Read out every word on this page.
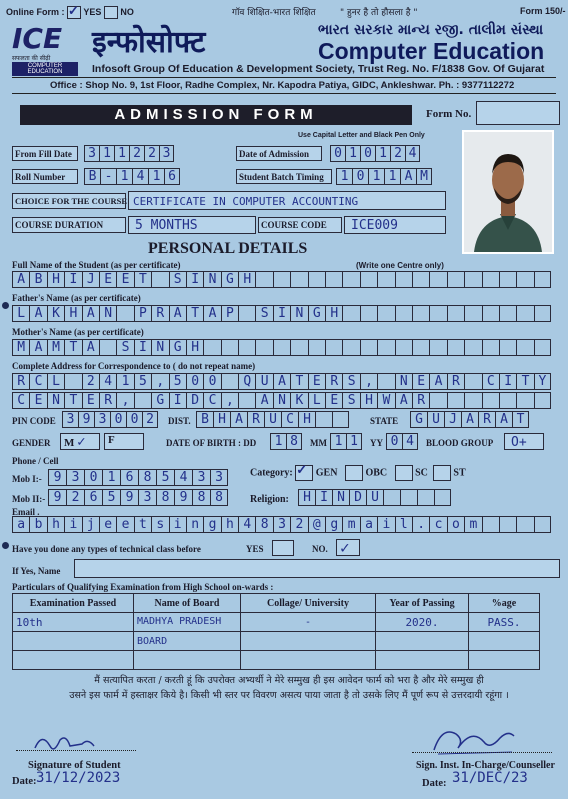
Online Form : ✓ YES NO	गॉव शिक्षित-भारत शिक्षित	" हुनर है तो हौसला है "	Form 150/-
ICE
सफलता की सीढ़ी
COMPUTER EDUCATION
इन्फोसोफ्ट	ભારત સરકાર માન્ય રજી. તાલીમ સંસ્થા
Computer Education
Infosoft Group Of Education & Development Society, Trust Reg. No. F/1838 Gov. Of Gujarat
Office : Shop No. 9, 1st Floor, Radhe Complex, Nr. Kapodra Patiya, GIDC, Ankleshwar. Ph. : 9377112272
ADMISSION FORM	Form No.
Use Capital Letter and Black Pen Only
From Fill Date	3 1 1 2 2 3	Date of Admission	0 1 0 1 2 4
Roll Number	B - 1 4 1 6	Student Batch Timing	1 0 1 1 A M
CHOICE FOR THE COURSE CERTIFICATE IN COMPUTER ACCOUNTING
COURSE DURATION	5 MONTHS	COURSE CODE	ICE009
PERSONAL DETAILS
Full Name of the Student (as per certificate)	(Write one Centre only)
A B H I J E E T	S I N G H
Father's Name (as per certificate)
L A K H A N	P R A T A P	S I N G H
Mother's Name (as per certificate)
M A M T A	S I N G H
Complete Address for Correspondence to ( do not repeat name)
R C L	2 4 1 5 , 5 0 0	Q U A T E R S ,	N E A R	C I T Y
C E N T E R ,	G I D C ,	A N K L E S H W A R
PIN CODE 3 9 3 0 0 2	DIST. B H A R U C H	STATE	G U J A R A T
GENDER	M ✓	F	DATE OF BIRTH : DD	1 8	MM 1 1	YY 0 4	BLOOD GROUP	O+
Phone / Cell
Mob I:- 9 3 0 1 6 8 5 4 3 3
Mob II:- 9 2 6 5 9 3 8 9 8 8
Category: ✓ GEN	OBC	SC	ST
Religion:	H I N D U
Email .
a b h i j e e t s i n g h 4 8 3 2 @ g m a i l . c o m
Have you done any types of technical class before	YES	NO. ✓
If Yes, Name
Particulars of Qualifying Examination from High School on-wards :
Examination Passed	Name of Board	Collage/ University	Year of Passing	%age
10th	MADHYA PRADESH	-	2020.	PASS.
	BOARD			

मैं सत्यापित करता / करती हूं कि उपरोक्त अभ्यर्थी ने मेरे सम्मुख ही इस आवेदन फार्म को भरा है और मेरे सम्मुख ही
उसने इस फार्म में हस्ताक्षर किये है। किसी भी स्तर पर विवरण असत्य पाया जाता है तो उसके लिए मैं पूर्ण रूप से उत्तरदायी रहूंगा ।
Signature of Student
Date: 31/12/2023
Sign. Inst. In-Charge/Counseller
Date: 31/DEC/23
